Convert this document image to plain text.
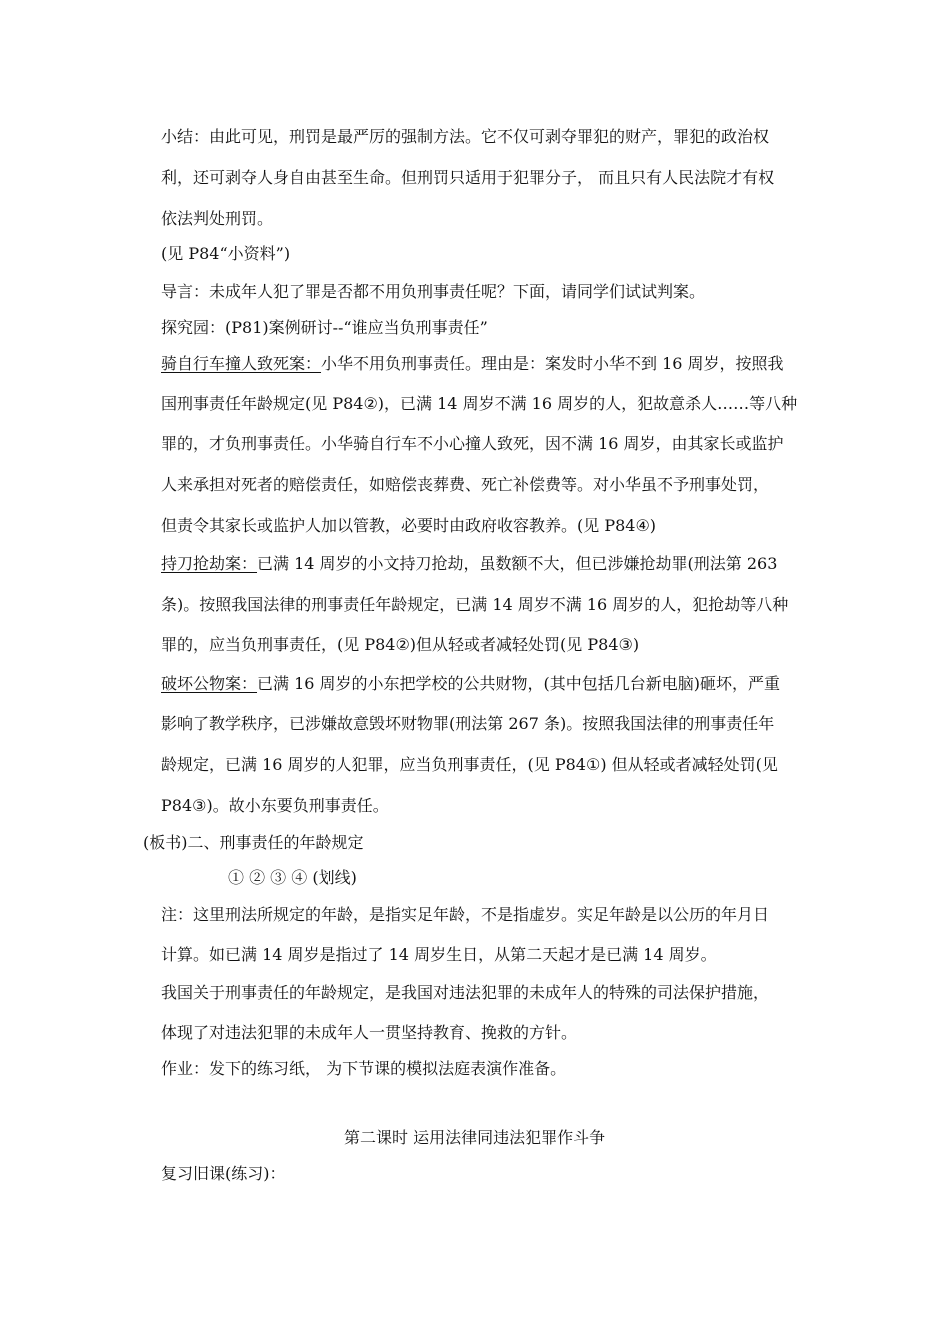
小结：由此可见，刑罚是最严厉的强制方法。它不仅可剥夺罪犯的财产，罪犯的政治权
利，还可剥夺人身自由甚至生命。但刑罚只适用于犯罪分子， 而且只有人民法院才有权
依法判处刑罚。
(见 P84“小资料”)
导言：未成年人犯了罪是否都不用负刑事责任呢？下面，请同学们试试判案。
探究园：(P81)案例研讨--“谁应当负刑事责任”
骑自行车撞人致死案：小华不用负刑事责任。理由是：案发时小华不到 16 周岁，按照我
国刑事责任年龄规定(见 P84②)，已满 14 周岁不满 16 周岁的人，犯故意杀人……等八种
罪的，才负刑事责任。小华骑自行车不小心撞人致死，因不满 16 周岁，由其家长或监护
人来承担对死者的赔偿责任，如赔偿丧葬费、死亡补偿费等。对小华虽不予刑事处罚，
但责令其家长或监护人加以管教，必要时由政府收容教养。(见 P84④)
持刀抢劫案：已满 14 周岁的小文持刀抢劫，虽数额不大，但已涉嫌抢劫罪(刑法第 263
条)。按照我国法律的刑事责任年龄规定，已满 14 周岁不满 16 周岁的人，犯抢劫等八种
罪的，应当负刑事责任，(见 P84②)但从轻或者减轻处罚(见 P84③)
破坏公物案：已满 16 周岁的小东把学校的公共财物，(其中包括几台新电脑)砸坏，严重
影响了教学秩序，已涉嫌故意毁坏财物罪(刑法第 267 条)。按照我国法律的刑事责任年
龄规定，已满 16 周岁的人犯罪，应当负刑事责任，(见 P84①) 但从轻或者减轻处罚(见
P84③)。故小东要负刑事责任。
(板书)二、刑事责任的年龄规定
① ② ③ ④ (划线)
注：这里刑法所规定的年龄，是指实足年龄，不是指虚岁。实足年龄是以公历的年月日
计算。如已满 14 周岁是指过了 14 周岁生日，从第二天起才是已满 14 周岁。
我国关于刑事责任的年龄规定，是我国对违法犯罪的未成年人的特殊的司法保护措施，
体现了对违法犯罪的未成年人一贯坚持教育、挽救的方针。
作业：发下的练习纸， 为下节课的模拟法庭表演作准备。
第二课时 运用法律同违法犯罪作斗争
复习旧课(练习)：
